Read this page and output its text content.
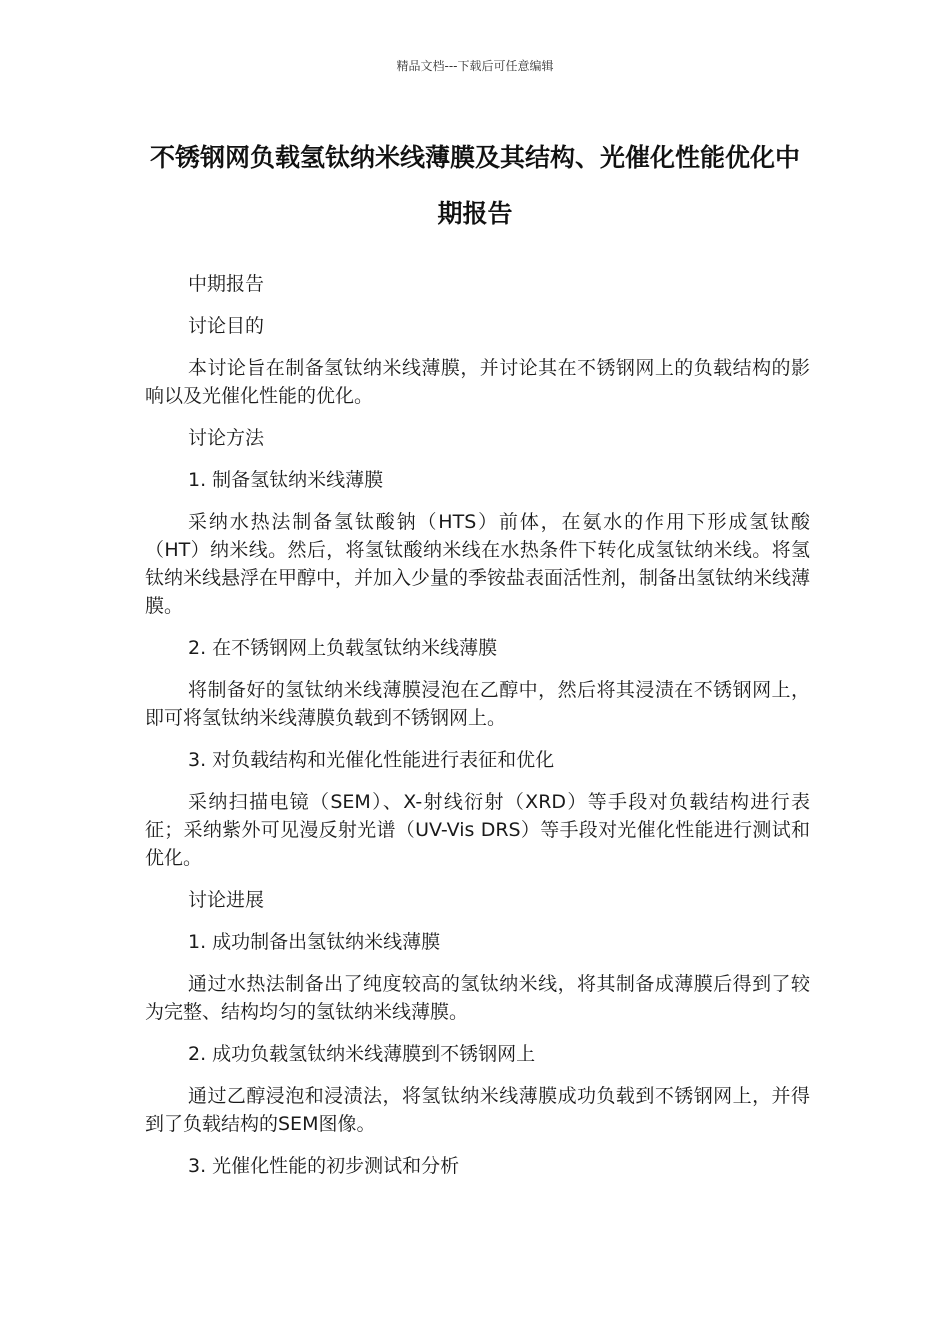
精品文档---下载后可任意编辑
不锈钢网负载氢钛纳米线薄膜及其结构、光催化性能优化中期报告

中期报告

讨论目的

本讨论旨在制备氢钛纳米线薄膜，并讨论其在不锈钢网上的负载结构的影响以及光催化性能的优化。

讨论方法

1. 制备氢钛纳米线薄膜

采纳水热法制备氢钛酸钠（HTS）前体，在氨水的作用下形成氢钛酸（HT）纳米线。然后，将氢钛酸纳米线在水热条件下转化成氢钛纳米线。将氢钛纳米线悬浮在甲醇中，并加入少量的季铵盐表面活性剂，制备出氢钛纳米线薄膜。

2. 在不锈钢网上负载氢钛纳米线薄膜

将制备好的氢钛纳米线薄膜浸泡在乙醇中，然后将其浸渍在不锈钢网上，即可将氢钛纳米线薄膜负载到不锈钢网上。

3. 对负载结构和光催化性能进行表征和优化

采纳扫描电镜（SEM）、X-射线衍射（XRD）等手段对负载结构进行表征；采纳紫外可见漫反射光谱（UV-Vis DRS）等手段对光催化性能进行测试和优化。

讨论进展

1. 成功制备出氢钛纳米线薄膜

通过水热法制备出了纯度较高的氢钛纳米线，将其制备成薄膜后得到了较为完整、结构均匀的氢钛纳米线薄膜。

2. 成功负载氢钛纳米线薄膜到不锈钢网上

通过乙醇浸泡和浸渍法，将氢钛纳米线薄膜成功负载到不锈钢网上，并得到了负载结构的SEM图像。

3. 光催化性能的初步测试和分析
